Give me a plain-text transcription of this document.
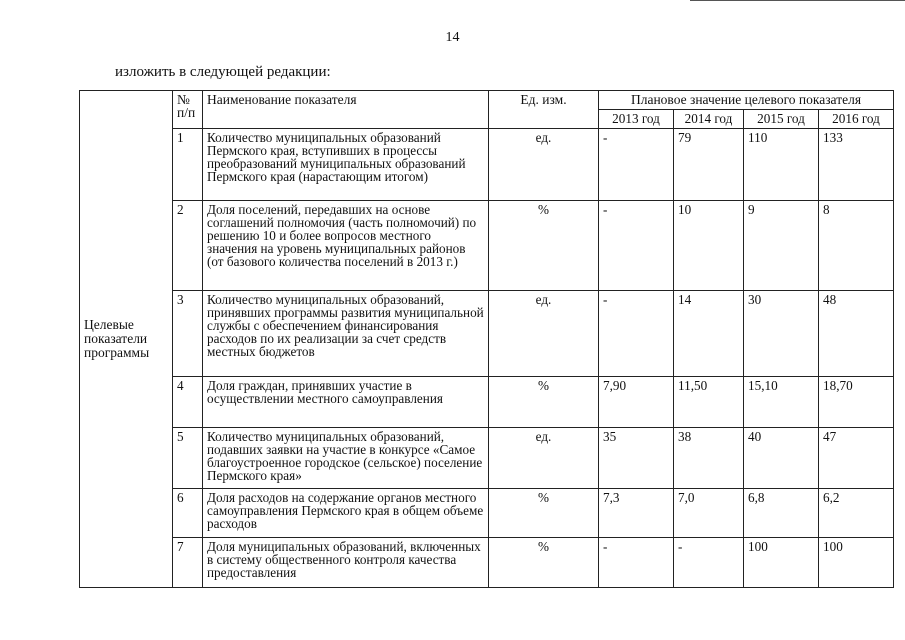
14
изложить в следующей редакции:
Целевые показатели программы	№ п/п	Наименование показателя	Ед. изм.	Плановое значение целевого показателя			
				2013 год	2014 год	2015 год	2016 год
	1	Количество муниципальных образований Пермского края, вступивших в процессы преобразований муниципальных образований Пермского края (нарастающим итогом)	ед.	-	79	110	133
	2	Доля поселений, передавших на основе соглашений полномочия (часть полномочий) по решению 10 и более вопросов местного значения на уровень муниципальных районов (от базового количества поселений в 2013 г.)	%	-	10	9	8
	3	Количество муниципальных образований, принявших программы развития муниципальной службы с обеспечением финансирования расходов по их реализации за счет средств местных бюджетов	ед.	-	14	30	48
	4	Доля граждан, принявших участие в осуществлении местного самоуправления	%	7,90	11,50	15,10	18,70
	5	Количество муниципальных образований, подавших заявки на участие в конкурсе «Самое благоустроенное городское (сельское) поселение Пермского края»	ед.	35	38	40	47
	6	Доля расходов на содержание органов местного самоуправления Пермского края в общем объеме расходов	%	7,3	7,0	6,8	6,2
	7	Доля муниципальных образований, включенных в систему общественного контроля качества предоставления	%	-	-	100	100
